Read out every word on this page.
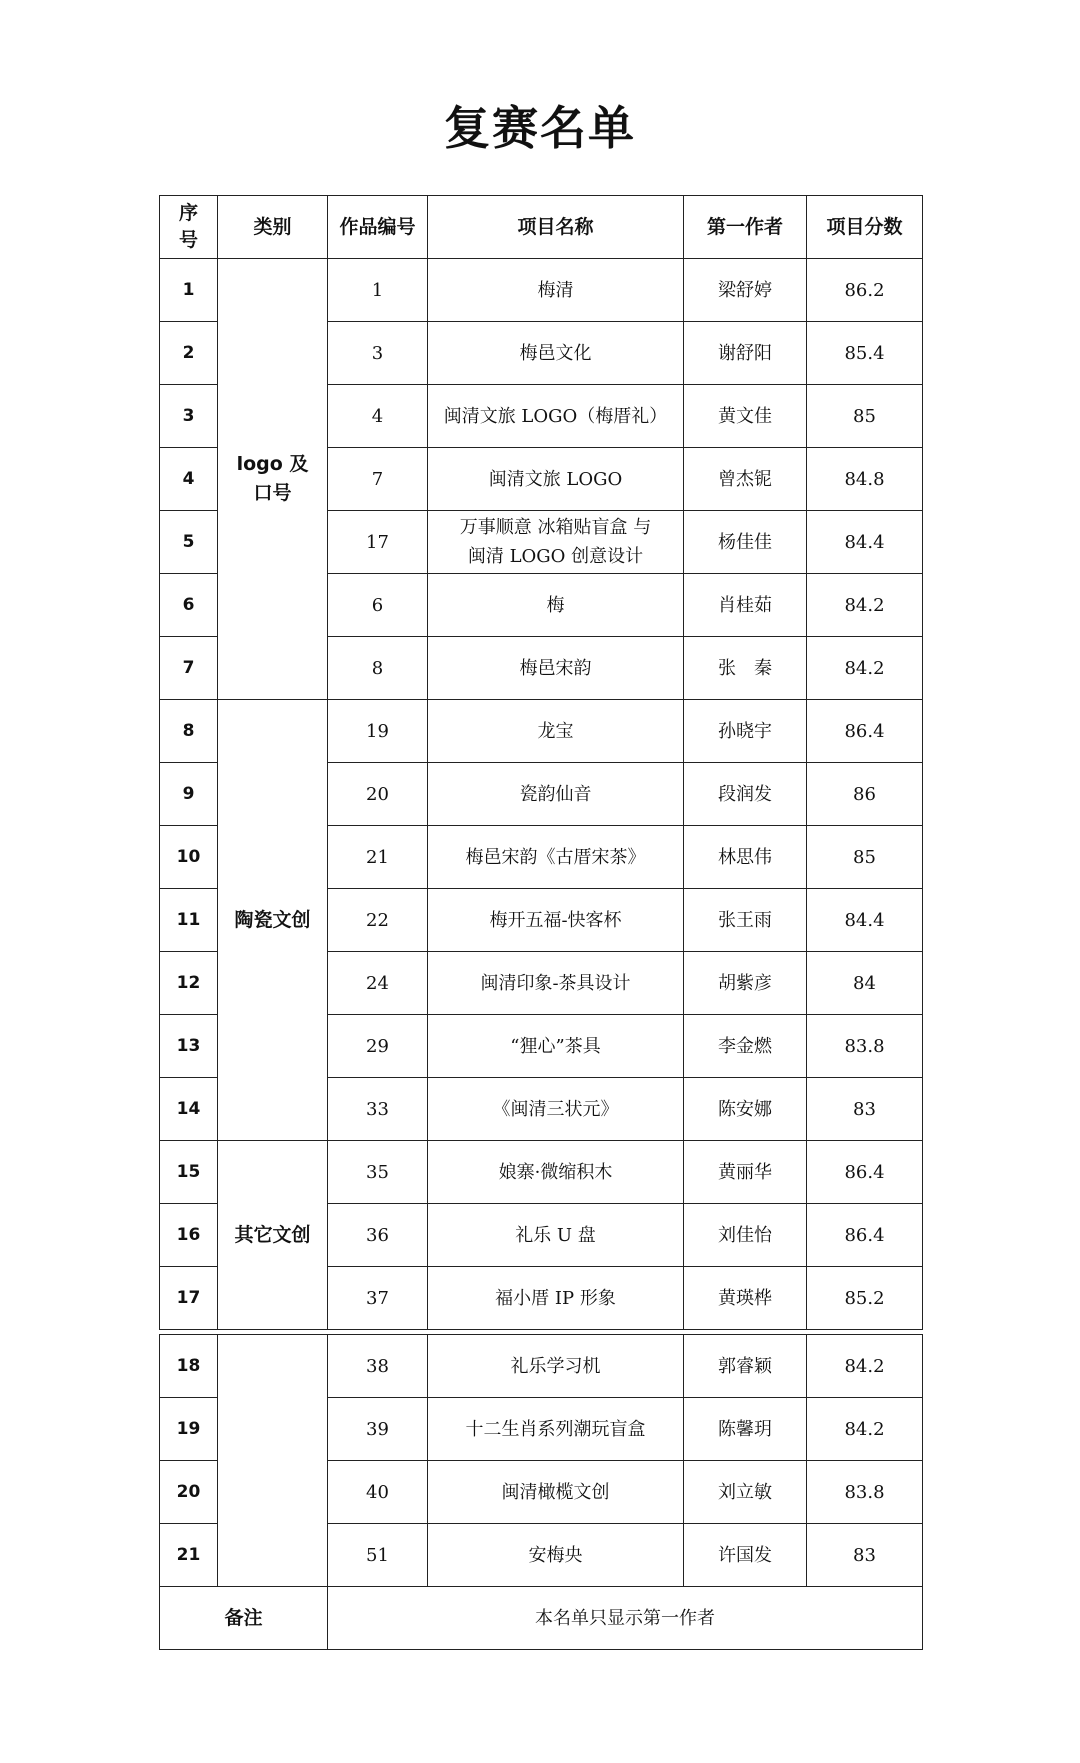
复赛名单
序号	类别	作品编号	项目名称	第一作者	项目分数
1	logo 及口号	1	梅清	梁舒婷	86.2
2		3	梅邑文化	谢舒阳	85.4
3		4	闽清文旅 LOGO（梅厝礼）	黄文佳	85
4		7	闽清文旅 LOGO	曾杰铌	84.8
5		17	万事顺意 冰箱贴盲盒 与闽清 LOGO 创意设计	杨佳佳	84.4
6		6	梅	肖桂茹	84.2
7		8	梅邑宋韵	张　秦	84.2
8	陶瓷文创	19	龙宝	孙晓宇	86.4
9		20	瓷韵仙音	段润发	86
10		21	梅邑宋韵《古厝宋茶》	林思伟	85
11		22	梅开五福-快客杯	张王雨	84.4
12		24	闽清印象-茶具设计	胡紫彦	84
13		29	“狸心”茶具	李金燃	83.8
14		33	《闽清三状元》	陈安娜	83
15	其它文创	35	娘寨·微缩积木	黄丽华	86.4
16		36	礼乐 U 盘	刘佳怡	86.4
17		37	福小厝 IP 形象	黄瑛桦	85.2
18		38	礼乐学习机	郭睿颖	84.2
19		39	十二生肖系列潮玩盲盒	陈馨玥	84.2
20		40	闽清橄榄文创	刘立敏	83.8
21		51	安梅央	许国发	83
备注		本名单只显示第一作者			
